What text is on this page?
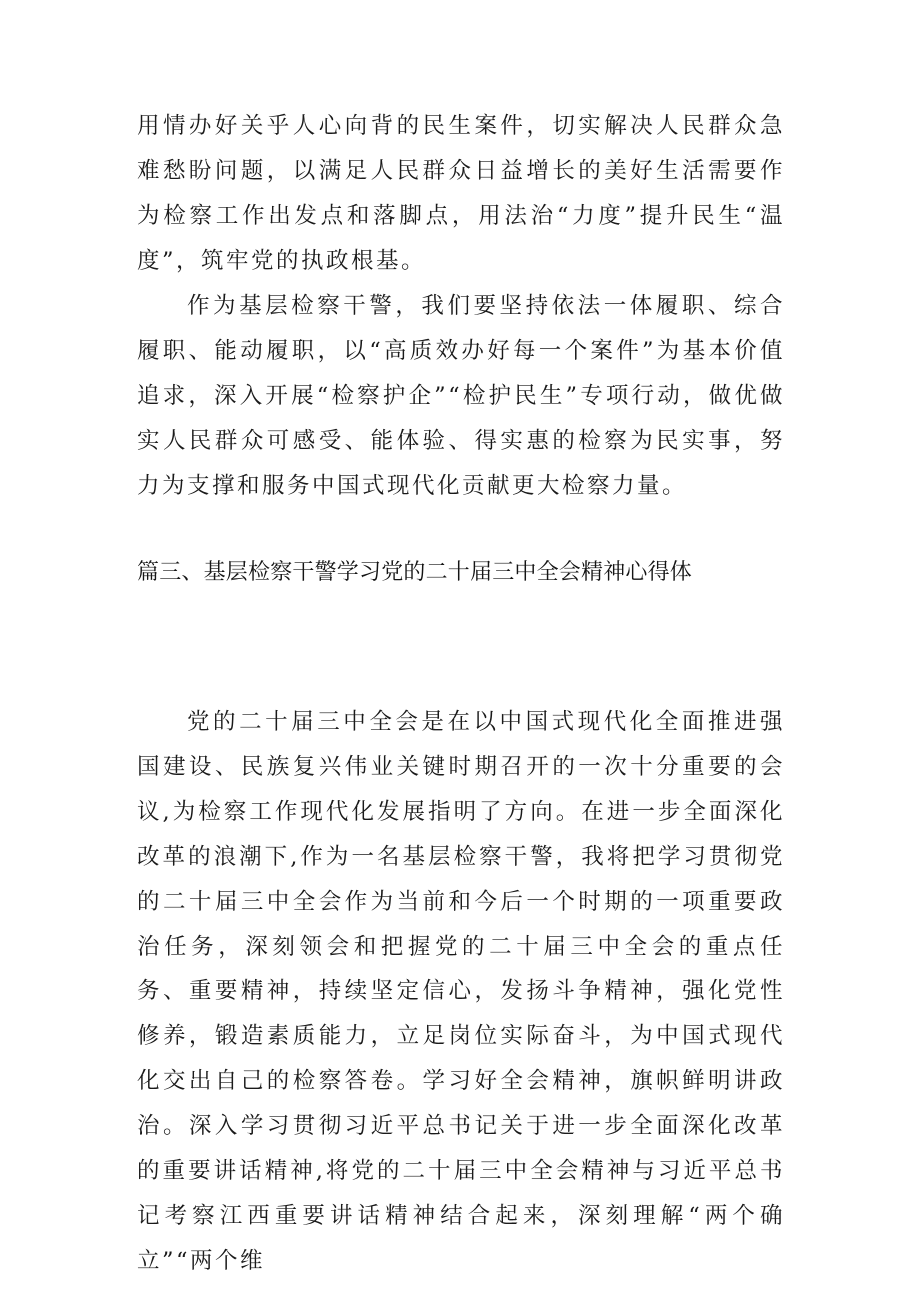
用情办好关乎人心向背的民生案件，切实解决人民群众急难愁盼问题，以满足人民群众日益增长的美好生活需要作为检察工作出发点和落脚点，用法治“力度”提升民生“温度”，筑牢党的执政根基。

作为基层检察干警，我们要坚持依法一体履职、综合履职、能动履职，以“高质效办好每一个案件”为基本价值追求，深入开展“检察护企”“检护民生”专项行动，做优做实人民群众可感受、能体验、得实惠的检察为民实事，努力为支撑和服务中国式现代化贡献更大检察力量。

篇三、基层检察干警学习党的二十届三中全会精神心得体

党的二十届三中全会是在以中国式现代化全面推进强国建设、民族复兴伟业关键时期召开的一次十分重要的会议,为检察工作现代化发展指明了方向。在进一步全面深化改革的浪潮下,作为一名基层检察干警，我将把学习贯彻党的二十届三中全会作为当前和今后一个时期的一项重要政治任务，深刻领会和把握党的二十届三中全会的重点任务、重要精神，持续坚定信心，发扬斗争精神，强化党性修养，锻造素质能力，立足岗位实际奋斗，为中国式现代化交出自己的检察答卷。学习好全会精神，旗帜鲜明讲政治。深入学习贯彻习近平总书记关于进一步全面深化改革的重要讲话精神,将党的二十届三中全会精神与习近平总书记考察江西重要讲话精神结合起来，深刻理解“两个确立”“两个维
